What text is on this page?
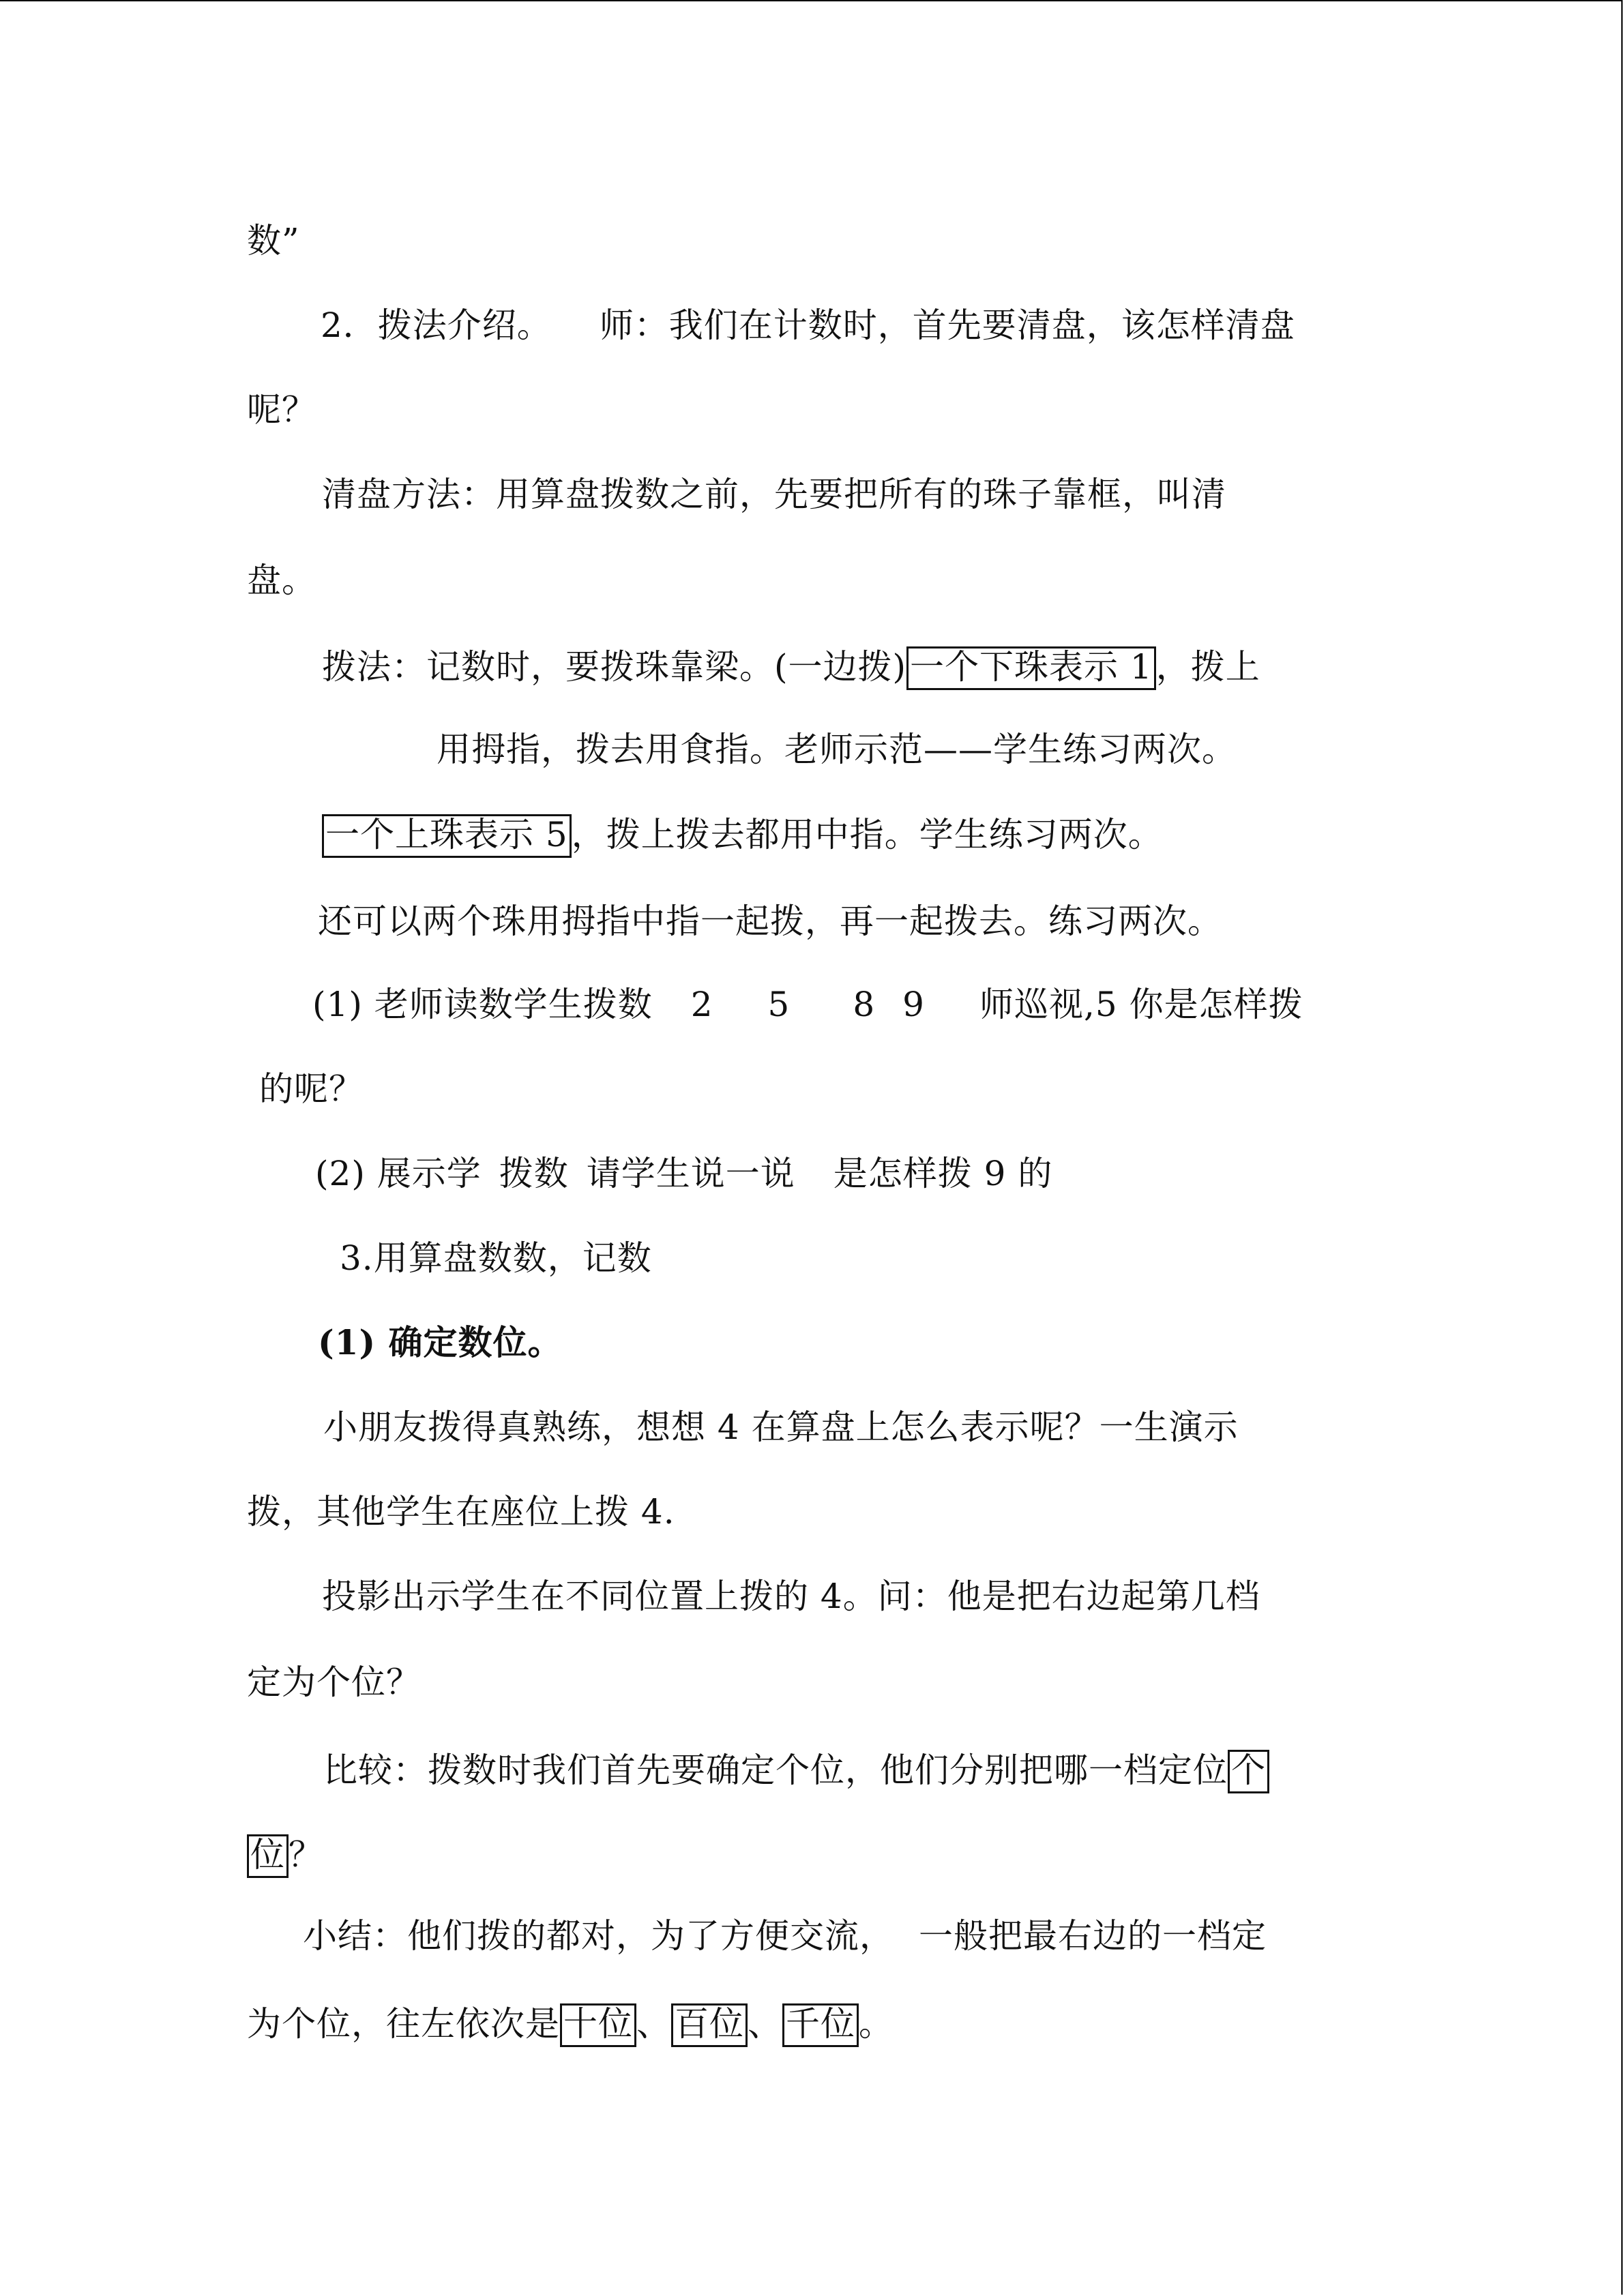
数”
2．拨法介绍。 师：我们在计数时，首先要清盘，该怎样清盘
呢？
清盘方法：用算盘拨数之前，先要把所有的珠子靠框，叫清
盘。
拨法：记数时，要拨珠靠梁。(一边拨) 一个下珠表示 1 ，拨上
用拇指，拨去用食指。老师示范——学生练习两次。
一个上珠表示 5 ，拨上拨去都用中指。学生练习两次。
还可以两个珠用拇指中指一起拨，再一起拨去。练习两次。
(1) 老师读数学生拨数 2 5 8 9 师巡视,5 你是怎样拨
的呢？
(2) 展示学 拨数 请学生说一说 是怎样拨 9 的
3.用算盘数数，记数
(1) 确定数位。
小朋友拨得真熟练，想想 4 在算盘上怎么表示呢？一生演示
拨，其他学生在座位上拨 4.
投影出示学生在不同位置上拨的 4。问：他是把右边起第几档
定为个位？
比较：拨数时我们首先要确定个位，他们分别把哪一档定位 个
位 ？
小结：他们拨的都对，为了方便交流， 一般把最右边的一档定
为个位，往左依次是 十位 、 百位 、 千位 。
